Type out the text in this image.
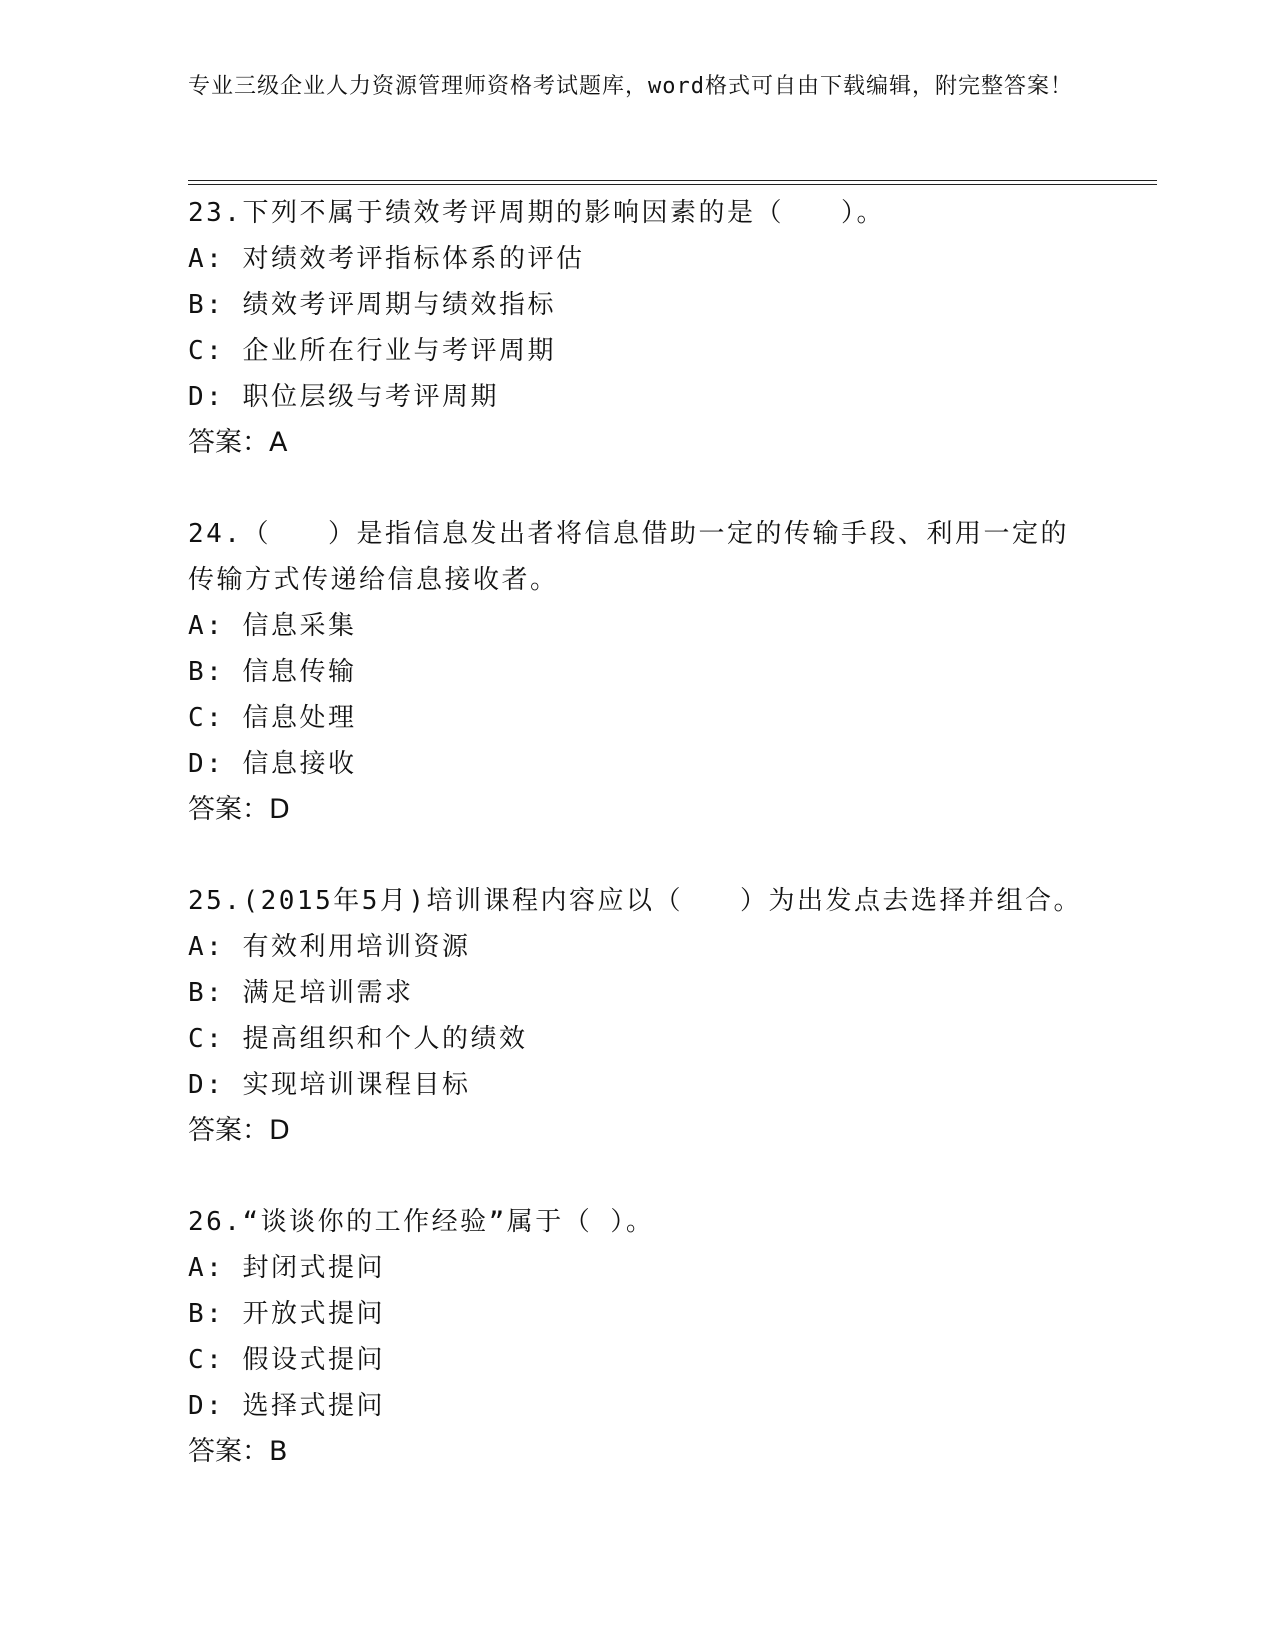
专业三级企业人力资源管理师资格考试题库，word格式可自由下载编辑，附完整答案！
23.下列不属于绩效考评周期的影响因素的是（　　）。
A: 对绩效考评指标体系的评估
B: 绩效考评周期与绩效指标
C: 企业所在行业与考评周期
D: 职位层级与考评周期
答案：A
24.（　　）是指信息发出者将信息借助一定的传输手段、利用一定的传输方式传递给信息接收者。
A: 信息采集
B: 信息传输
C: 信息处理
D: 信息接收
答案：D
25.(2015年5月)培训课程内容应以（　　）为出发点去选择并组合。
A: 有效利用培训资源
B: 满足培训需求
C: 提高组织和个人的绩效
D: 实现培训课程目标
答案：D
26.“谈谈你的工作经验”属于（ ）。
A: 封闭式提问
B: 开放式提问
C: 假设式提问
D: 选择式提问
答案：B
